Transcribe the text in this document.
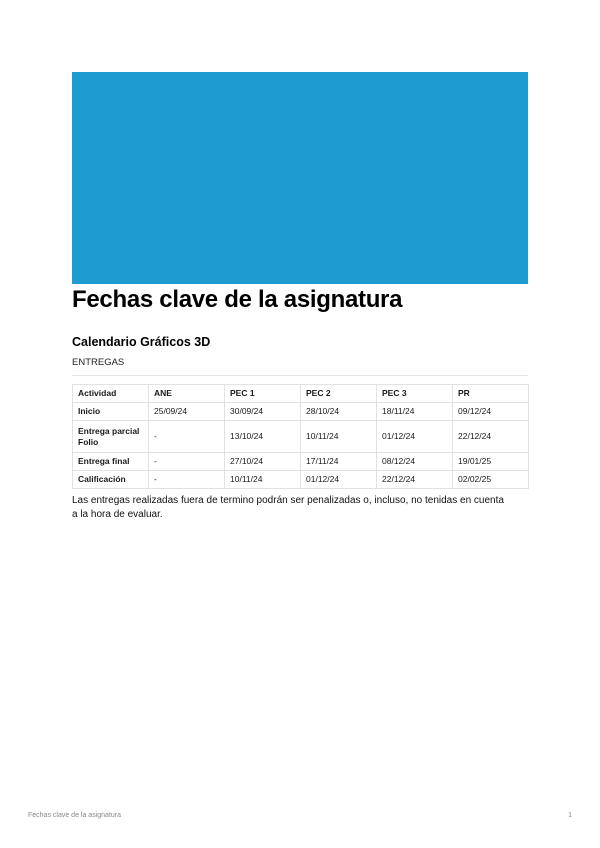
Fechas clave de la asignatura
Calendario Gráficos 3D
ENTREGAS
Actividad	ANE	PEC 1	PEC 2	PEC 3	PR
Inicio	25/09/24	30/09/24	28/10/24	18/11/24	09/12/24
Entrega parcial Folio	-	13/10/24	10/11/24	01/12/24	22/12/24
Entrega final	-	27/10/24	17/11/24	08/12/24	19/01/25
Calificación	-	10/11/24	01/12/24	22/12/24	02/02/25
Las entregas realizadas fuera de termino podrán ser penalizadas o, incluso, no tenidas en cuenta a la hora de evaluar.
Fechas clave de la asignatura	1
